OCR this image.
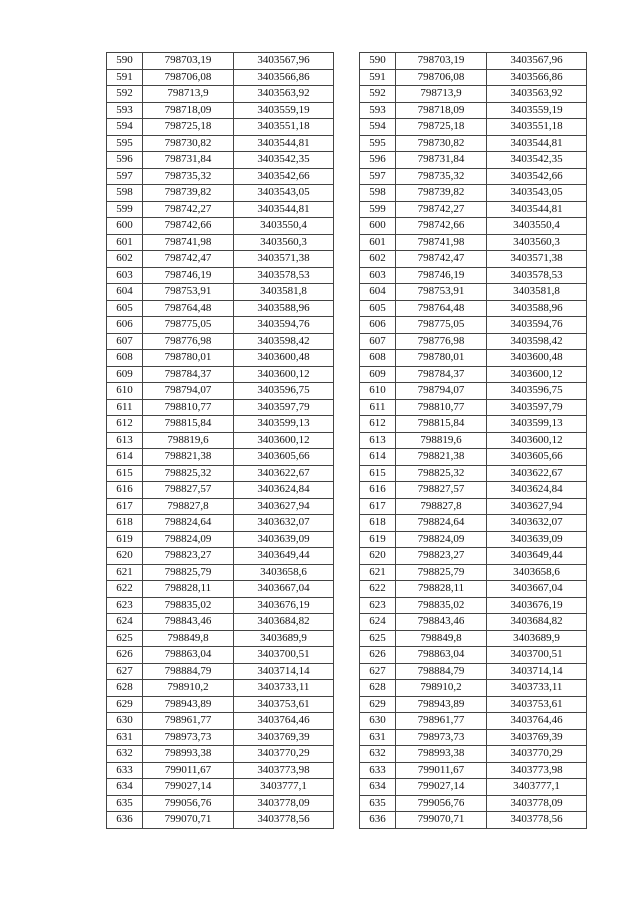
590	798703,19	3403567,96
591	798706,08	3403566,86
592	798713,9	3403563,92
593	798718,09	3403559,19
594	798725,18	3403551,18
595	798730,82	3403544,81
596	798731,84	3403542,35
597	798735,32	3403542,66
598	798739,82	3403543,05
599	798742,27	3403544,81
600	798742,66	3403550,4
601	798741,98	3403560,3
602	798742,47	3403571,38
603	798746,19	3403578,53
604	798753,91	3403581,8
605	798764,48	3403588,96
606	798775,05	3403594,76
607	798776,98	3403598,42
608	798780,01	3403600,48
609	798784,37	3403600,12
610	798794,07	3403596,75
611	798810,77	3403597,79
612	798815,84	3403599,13
613	798819,6	3403600,12
614	798821,38	3403605,66
615	798825,32	3403622,67
616	798827,57	3403624,84
617	798827,8	3403627,94
618	798824,64	3403632,07
619	798824,09	3403639,09
620	798823,27	3403649,44
621	798825,79	3403658,6
622	798828,11	3403667,04
623	798835,02	3403676,19
624	798843,46	3403684,82
625	798849,8	3403689,9
626	798863,04	3403700,51
627	798884,79	3403714,14
628	798910,2	3403733,11
629	798943,89	3403753,61
630	798961,77	3403764,46
631	798973,73	3403769,39
632	798993,38	3403770,29
633	799011,67	3403773,98
634	799027,14	3403777,1
635	799056,76	3403778,09
636	799070,71	3403778,56
590	798703,19	3403567,96
591	798706,08	3403566,86
592	798713,9	3403563,92
593	798718,09	3403559,19
594	798725,18	3403551,18
595	798730,82	3403544,81
596	798731,84	3403542,35
597	798735,32	3403542,66
598	798739,82	3403543,05
599	798742,27	3403544,81
600	798742,66	3403550,4
601	798741,98	3403560,3
602	798742,47	3403571,38
603	798746,19	3403578,53
604	798753,91	3403581,8
605	798764,48	3403588,96
606	798775,05	3403594,76
607	798776,98	3403598,42
608	798780,01	3403600,48
609	798784,37	3403600,12
610	798794,07	3403596,75
611	798810,77	3403597,79
612	798815,84	3403599,13
613	798819,6	3403600,12
614	798821,38	3403605,66
615	798825,32	3403622,67
616	798827,57	3403624,84
617	798827,8	3403627,94
618	798824,64	3403632,07
619	798824,09	3403639,09
620	798823,27	3403649,44
621	798825,79	3403658,6
622	798828,11	3403667,04
623	798835,02	3403676,19
624	798843,46	3403684,82
625	798849,8	3403689,9
626	798863,04	3403700,51
627	798884,79	3403714,14
628	798910,2	3403733,11
629	798943,89	3403753,61
630	798961,77	3403764,46
631	798973,73	3403769,39
632	798993,38	3403770,29
633	799011,67	3403773,98
634	799027,14	3403777,1
635	799056,76	3403778,09
636	799070,71	3403778,56
